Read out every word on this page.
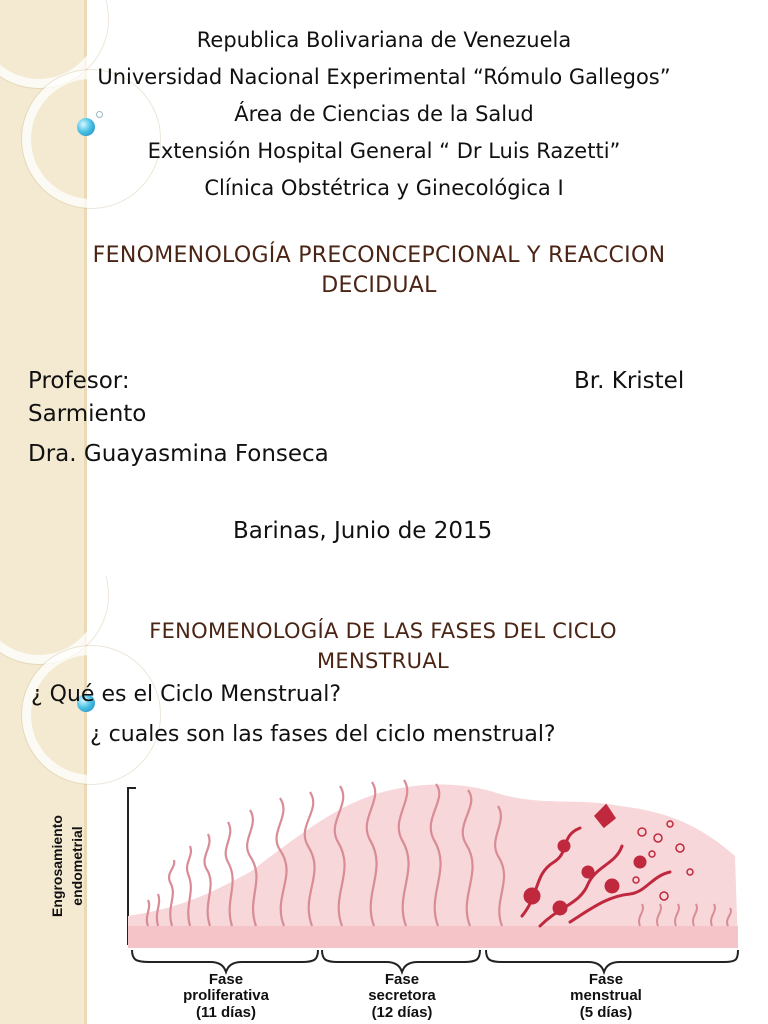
Republica Bolivariana de Venezuela
Universidad Nacional Experimental “Rómulo Gallegos”
Área de Ciencias de la Salud
Extensión Hospital General “ Dr Luis Razetti”
Clínica Obstétrica y Ginecológica I
FENOMENOLOGÍA PRECONCEPCIONAL Y REACCION
DECIDUAL
Profesor:	Br. Kristel
Sarmiento
Dra. Guayasmina Fonseca
Barinas, Junio de 2015
FENOMENOLOGÍA DE LAS FASES DEL CICLO
MENSTRUAL
¿ Qué es el Ciclo Menstrual?
¿ cuales son las fases del ciclo menstrual?
Engrosamiento endometrial
Fase
proliferativa
(11 días)
Fase
secretora
(12 días)
Fase
menstrual
(5 días)
